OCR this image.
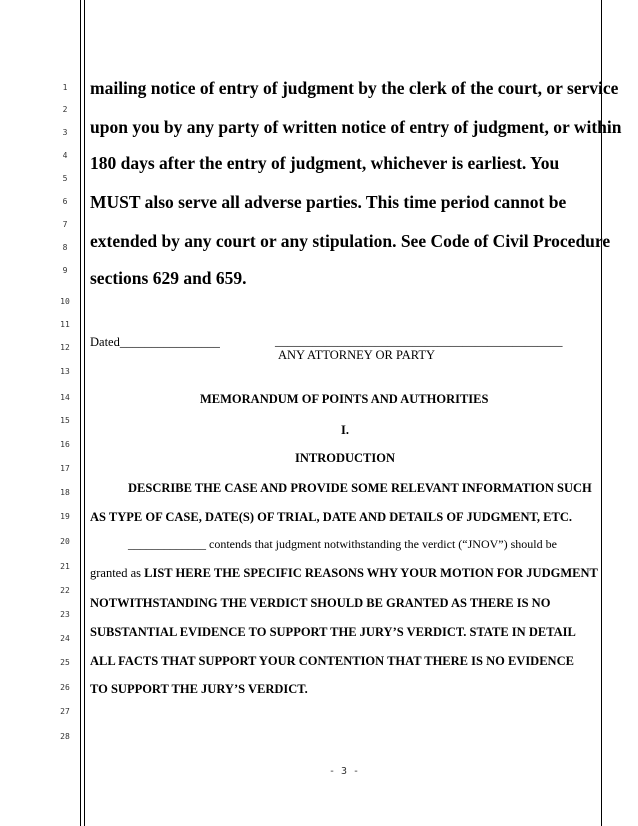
1
2
3
4
5
6
7
8
9
10
11
12
13
14
15
16
17
18
19
20
21
22
23
24
25
26
27
28
mailing notice of entry of judgment by the clerk of the court, or service
upon you by any party of written notice of entry of judgment, or within
180 days after the entry of judgment, whichever is earliest. You
MUST also serve all adverse parties. This time period cannot be
extended by any court or any stipulation. See Code of Civil Procedure
sections 629 and 659.
Dated________________	______________________________________________
ANY ATTORNEY OR PARTY
MEMORANDUM OF POINTS AND AUTHORITIES
I.
INTRODUCTION
DESCRIBE THE CASE AND PROVIDE SOME RELEVANT INFORMATION SUCH
AS TYPE OF CASE, DATE(S) OF TRIAL, DATE AND DETAILS OF JUDGMENT, ETC.
_____________ contends that judgment notwithstanding the verdict (“JNOV”) should be
granted as LIST HERE THE SPECIFIC REASONS WHY YOUR MOTION FOR JUDGMENT
NOTWITHSTANDING THE VERDICT SHOULD BE GRANTED AS THERE IS NO
SUBSTANTIAL EVIDENCE TO SUPPORT THE JURY’S VERDICT. STATE IN DETAIL
ALL FACTS THAT SUPPORT YOUR CONTENTION THAT THERE IS NO EVIDENCE
TO SUPPORT THE JURY’S VERDICT.
- 3 -
